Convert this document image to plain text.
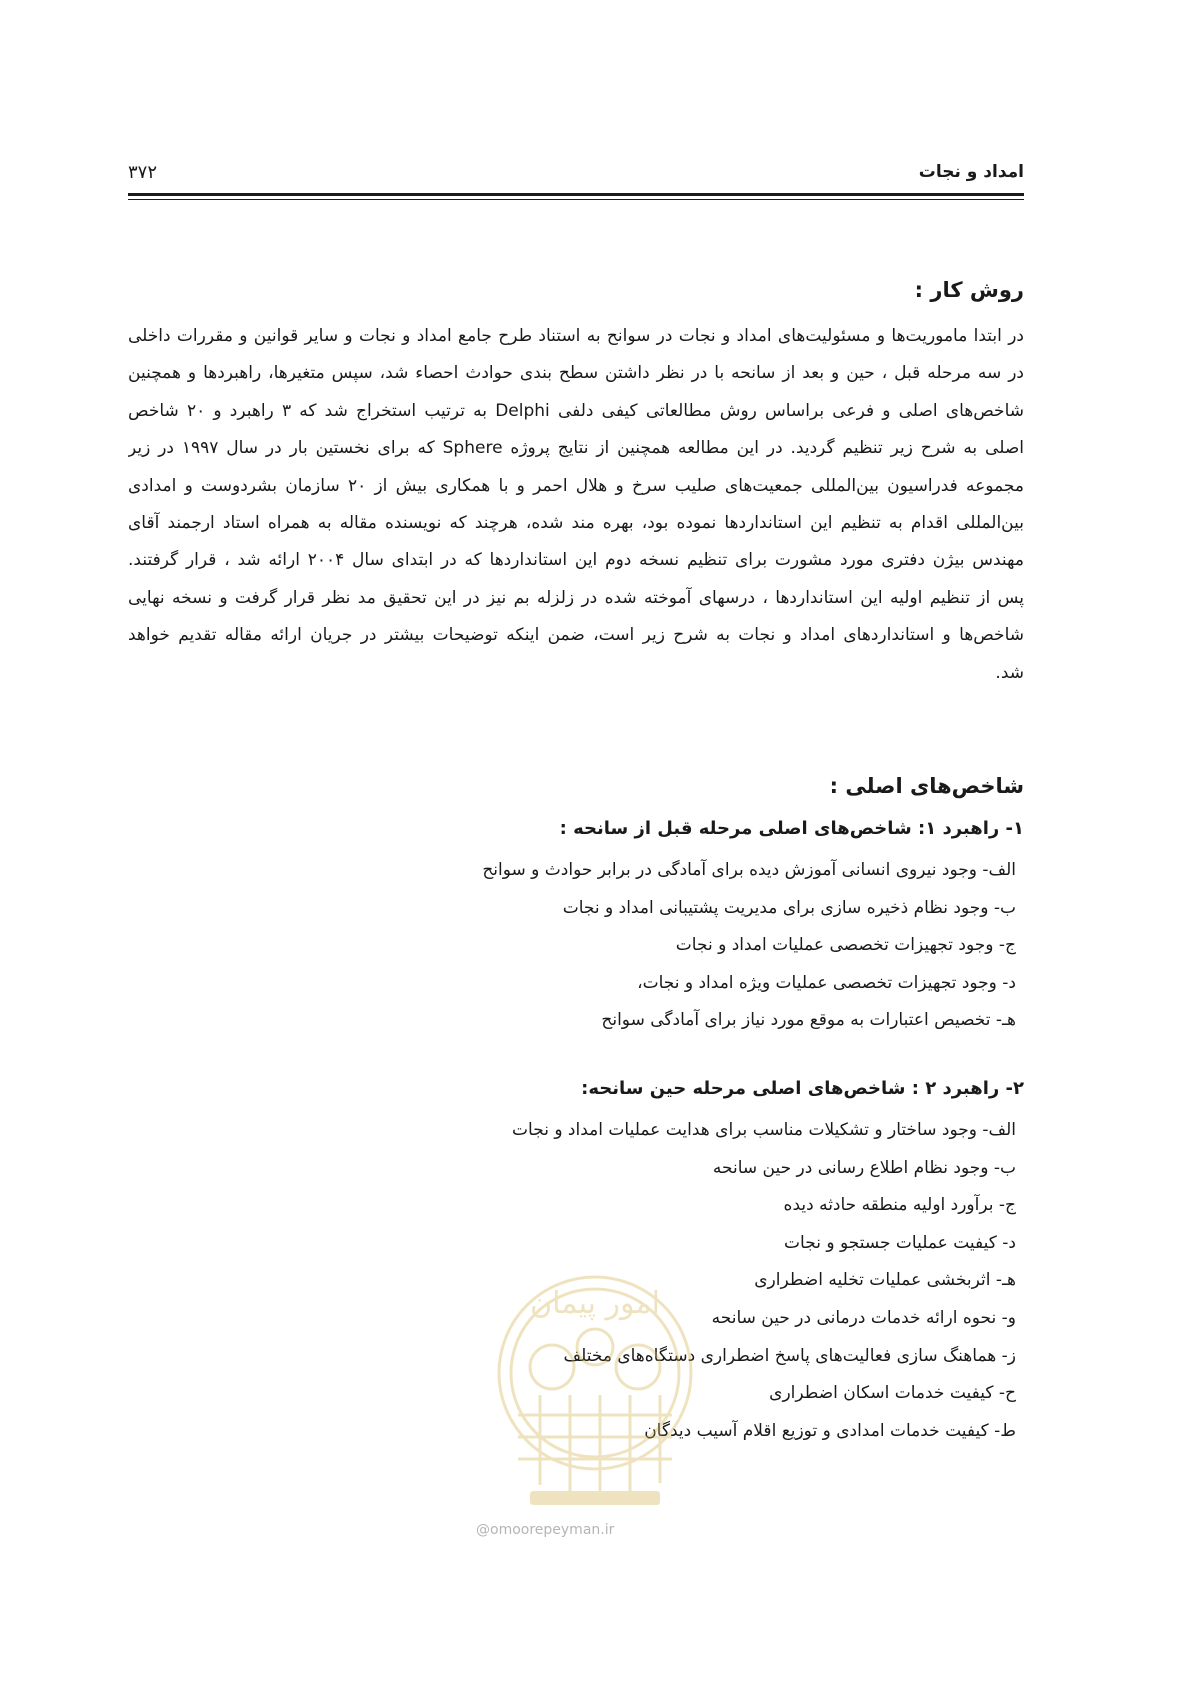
امداد و نجات
۳۷۲
روش کار :
در ابتدا ماموریت‌ها و مسئولیت‌های امداد و نجات در سوانح به استناد طرح جامع امداد و نجات و سایر قوانین و مقررات داخلی
در سه مرحله قبل ، حین و بعد از سانحه با در نظر داشتن سطح بندی حوادث احصاء شد، سپس متغیرها، راهبردها و همچنین
شاخص‌های اصلی و فرعی براساس روش مطالعاتی کیفی دلفی Delphi به ترتیب استخراج شد که ۳ راهبرد و ۲۰ شاخص
اصلی به شرح زیر تنظیم گردید. در این مطالعه همچنین از نتایج پروژه Sphere که برای نخستین بار در سال ۱۹۹۷ در زیر
مجموعه فدراسیون بین‌المللی جمعیت‌های صلیب سرخ و هلال احمر و با همکاری بیش از ۲۰ سازمان بشردوست و امدادی
بین‌المللی اقدام به تنظیم این استانداردها نموده بود، بهره مند شده، هرچند که نویسنده مقاله به همراه استاد ارجمند آقای
مهندس بیژن دفتری مورد مشورت برای تنظیم نسخه دوم این استانداردها که در ابتدای سال ۲۰۰۴ ارائه شد ، قرار گرفتند.
پس از تنظیم اولیه این استانداردها ، درسهای آموخته شده در زلزله بم نیز در این تحقیق مد نظر قرار گرفت و نسخه نهایی
شاخص‌ها و استانداردهای امداد و نجات به شرح زیر است، ضمن اینکه توضیحات بیشتر در جریان ارائه مقاله تقدیم خواهد
شد.
شاخص‌های اصلی :
۱- راهبرد ۱: شاخص‌های اصلی مرحله قبل از سانحه :
الف- وجود نیروی انسانی آموزش دیده برای آمادگی در برابر حوادث و سوانح
ب- وجود نظام ذخیره سازی برای مدیریت پشتیبانی امداد و نجات
ج- وجود تجهیزات تخصصی عملیات امداد و نجات
د- وجود تجهیزات تخصصی عملیات ویژه امداد و نجات،
هـ- تخصیص اعتبارات به موقع مورد نیاز برای آمادگی سوانح
۲- راهبرد ۲ : شاخص‌های اصلی مرحله حین سانحه:
الف- وجود ساختار و تشکیلات مناسب برای هدایت عملیات امداد و نجات
ب- وجود نظام اطلاع رسانی در حین سانحه
ج- برآورد اولیه منطقه حادثه دیده
د- کیفیت عملیات جستجو و نجات
هـ- اثربخشی عملیات تخلیه اضطراری
و- نحوه ارائه خدمات درمانی در حین سانحه
ز- هماهنگ سازی فعالیت‌های پاسخ اضطراری دستگاه‌های مختلف
ح- کیفیت خدمات اسکان اضطراری
ط- کیفیت خدمات امدادی و توزیع اقلام آسیب دیدگان
امور پیمان
@omoorepeyman.ir
